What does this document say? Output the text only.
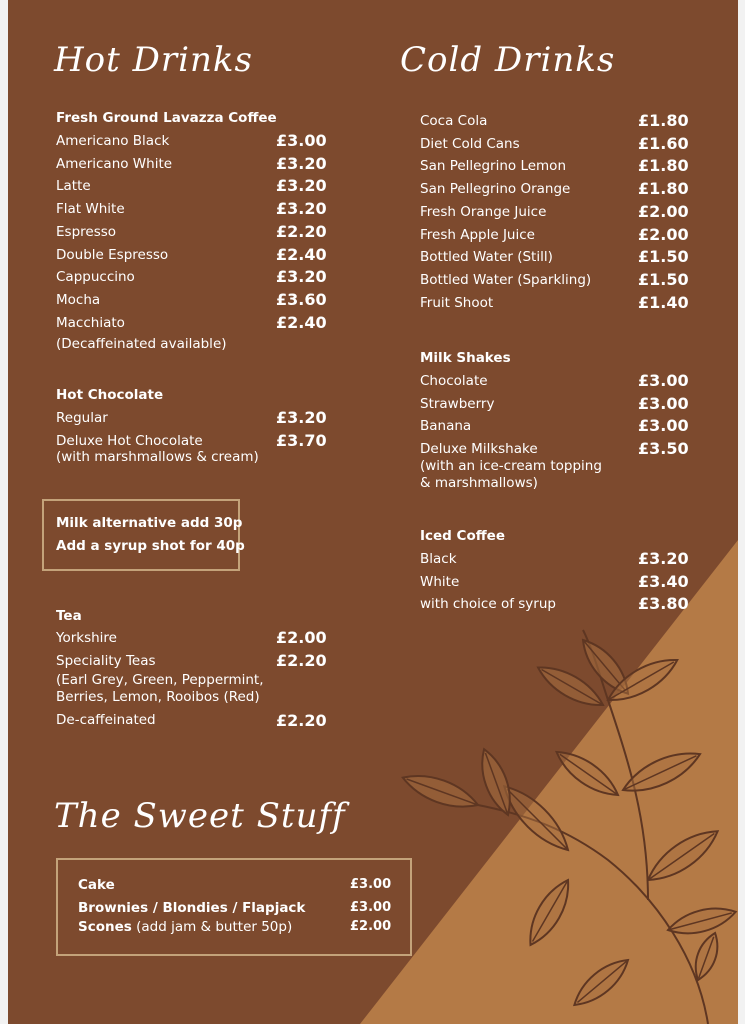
Hot Drinks	Cold Drinks
Fresh Ground Lavazza Coffee
Americano Black	£3.00
Americano White	£3.20
Latte	£3.20
Flat White	£3.20
Espresso	£2.20
Double Espresso	£2.40
Cappuccino	£3.20
Mocha	£3.60
Macchiato	£2.40
(Decaffeinated available)
Hot Chocolate
Regular	£3.20
Deluxe Hot Chocolate	£3.70
(with marshmallows & cream)
Milk alternative add 30p
Add a syrup shot for 40p
Tea
Yorkshire	£2.00
Speciality Teas	£2.20
(Earl Grey, Green, Peppermint,
Berries, Lemon, Rooibos (Red)
De-caffeinated	£2.20
Coca Cola	£1.80
Diet Cold Cans	£1.60
San Pellegrino Lemon	£1.80
San Pellegrino Orange	£1.80
Fresh Orange Juice	£2.00
Fresh Apple Juice	£2.00
Bottled Water (Still)	£1.50
Bottled Water (Sparkling)	£1.50
Fruit Shoot	£1.40
Milk Shakes
Chocolate	£3.00
Strawberry	£3.00
Banana	£3.00
Deluxe Milkshake	£3.50
(with an ice-cream topping
& marshmallows)
Iced Coffee
Black	£3.20
White	£3.40
with choice of syrup	£3.80
The Sweet Stuff
Cake	£3.00
Brownies / Blondies / Flapjack	£3.00
Scones (add jam & butter 50p)	£2.00
